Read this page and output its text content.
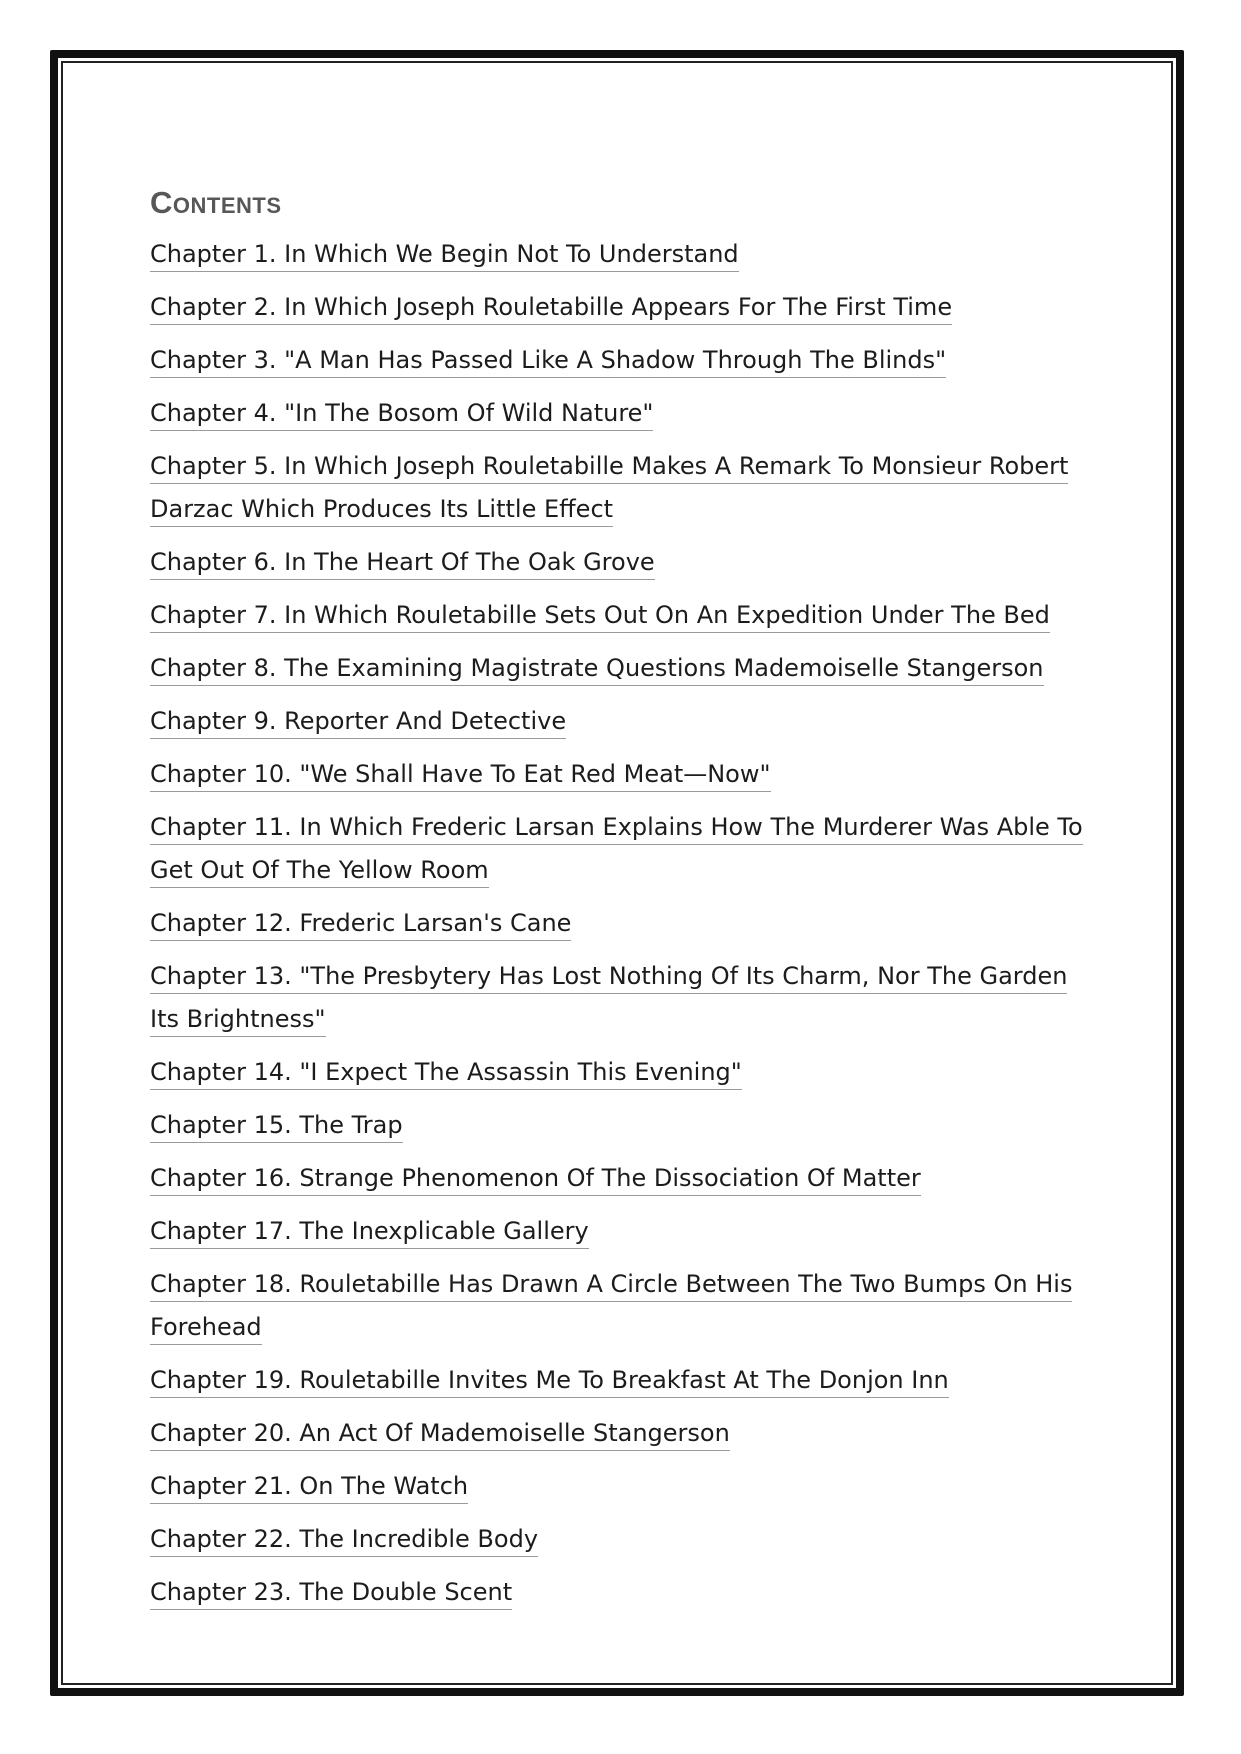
Contents
Chapter 1. In Which We Begin Not To Understand
Chapter 2. In Which Joseph Rouletabille Appears For The First Time
Chapter 3. "A Man Has Passed Like A Shadow Through The Blinds"
Chapter 4. "In The Bosom Of Wild Nature"
Chapter 5. In Which Joseph Rouletabille Makes A Remark To Monsieur Robert Darzac Which Produces Its Little Effect
Chapter 6. In The Heart Of The Oak Grove
Chapter 7. In Which Rouletabille Sets Out On An Expedition Under The Bed
Chapter 8. The Examining Magistrate Questions Mademoiselle Stangerson
Chapter 9. Reporter And Detective
Chapter 10. "We Shall Have To Eat Red Meat—Now"
Chapter 11. In Which Frederic Larsan Explains How The Murderer Was Able To Get Out Of The Yellow Room
Chapter 12. Frederic Larsan's Cane
Chapter 13. "The Presbytery Has Lost Nothing Of Its Charm, Nor The Garden Its Brightness"
Chapter 14. "I Expect The Assassin This Evening"
Chapter 15. The Trap
Chapter 16. Strange Phenomenon Of The Dissociation Of Matter
Chapter 17. The Inexplicable Gallery
Chapter 18. Rouletabille Has Drawn A Circle Between The Two Bumps On His Forehead
Chapter 19. Rouletabille Invites Me To Breakfast At The Donjon Inn
Chapter 20. An Act Of Mademoiselle Stangerson
Chapter 21. On The Watch
Chapter 22. The Incredible Body
Chapter 23. The Double Scent
